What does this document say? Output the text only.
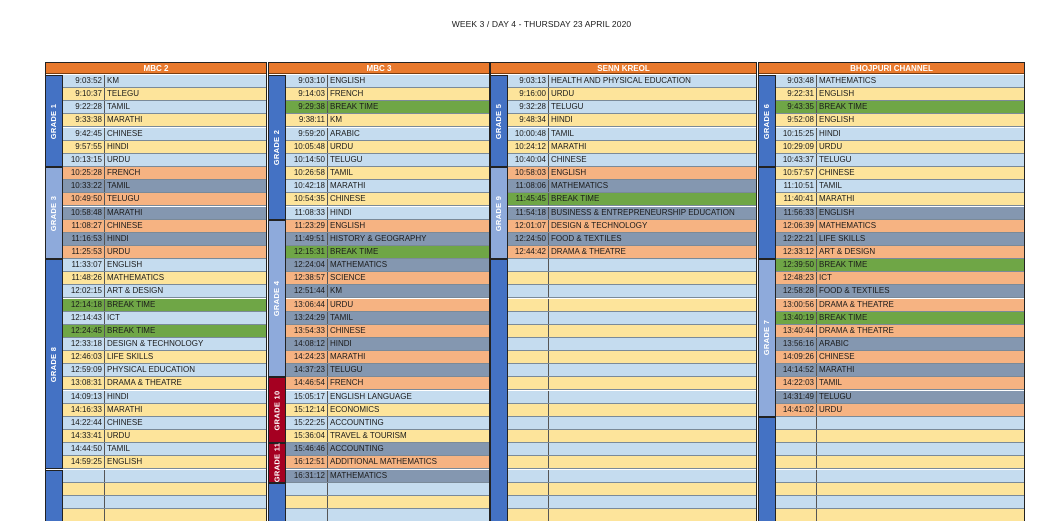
WEEK 3 / DAY 4 - THURSDAY 23 APRIL 2020
MBC 2
GRADE 1
GRADE 3
GRADE 8
9:03:52 KM
9:10:37 TELEGU
9:22:28 TAMIL
9:33:38 MARATHI
9:42:45 CHINESE
9:57:55 HINDI
10:13:15 URDU
10:25:28 FRENCH
10:33:22 TAMIL
10:49:50 TELUGU
10:58:48 MARATHI
11:08:27 CHINESE
11:16:53 HINDI
11:25:53 URDU
11:33:07 ENGLISH
11:48:26 MATHEMATICS
12:02:15 ART & DESIGN
12:14:18 BREAK TIME
12:14:43 ICT
12:24:45 BREAK TIME
12:33:18 DESIGN & TECHNOLOGY
12:46:03 LIFE SKILLS
12:59:09 PHYSICAL EDUCATION
13:08:31 DRAMA & THEATRE
14:09:13 HINDI
14:16:33 MARATHI
14:22:44 CHINESE
14:33:41 URDU
14:44:50 TAMIL
14:59:25 ENGLISH
MBC 3
GRADE 2
GRADE 4
GRADE 10
GRADE 11
9:03:10 ENGLISH
9:14:03 FRENCH
9:29:38 BREAK TIME
9:38:11 KM
9:59:20 ARABIC
10:05:48 URDU
10:14:50 TELUGU
10:26:58 TAMIL
10:42:18 MARATHI
10:54:35 CHINESE
11:08:33 HINDI
11:23:29 ENGLISH
11:49:51 HISTORY & GEOGRAPHY
12:15:31 BREAK TIME
12:24:04 MATHEMATICS
12:38:57 SCIENCE
12:51:44 KM
13:06:44 URDU
13:24:29 TAMIL
13:54:33 CHINESE
14:08:12 HINDI
14:24:23 MARATHI
14:37:23 TELUGU
14:46:54 FRENCH
15:05:17 ENGLISH LANGUAGE
15:12:14 ECONOMICS
15:22:25 ACCOUNTING
15:36:04 TRAVEL & TOURISM
15:46:46 ACCOUNTING
16:12:51 ADDITIONAL MATHEMATICS
16:31:12 MATHEMATICS
SENN KREOL
GRADE 5
GRADE 9
9:03:13 HEALTH AND PHYSICAL EDUCATION
9:16:00 URDU
9:32:28 TELUGU
9:48:34 HINDI
10:00:48 TAMIL
10:24:12 MARATHI
10:40:04 CHINESE
10:58:03 ENGLISH
11:08:06 MATHEMATICS
11:45:45 BREAK TIME
11:54:18 BUSINESS & ENTREPRENEURSHIP EDUCATION
12:01:07 DESIGN & TECHNOLOGY
12:24:50 FOOD & TEXTILES
12:44:42 DRAMA & THEATRE
BHOJPURI CHANNEL
GRADE 6
GRADE 7
9:03:48 MATHEMATICS
9:22:31 ENGLISH
9:43:35 BREAK TIME
9:52:08 ENGLISH
10:15:25 HINDI
10:29:09 URDU
10:43:37 TELUGU
10:57:57 CHINESE
11:10:51 TAMIL
11:40:41 MARATHI
11:56:33 ENGLISH
12:06:39 MATHEMATICS
12:22:21 LIFE SKILLS
12:33:12 ART & DESIGN
12:39:50 BREAK TIME
12:48:23 ICT
12:58:28 FOOD & TEXTILES
13:00:56 DRAMA & THEATRE
13:40:19 BREAK TIME
13:40:44 DRAMA & THEATRE
13:56:16 ARABIC
14:09:26 CHINESE
14:14:52 MARATHI
14:22:03 TAMIL
14:31:49 TELUGU
14:41:02 URDU
